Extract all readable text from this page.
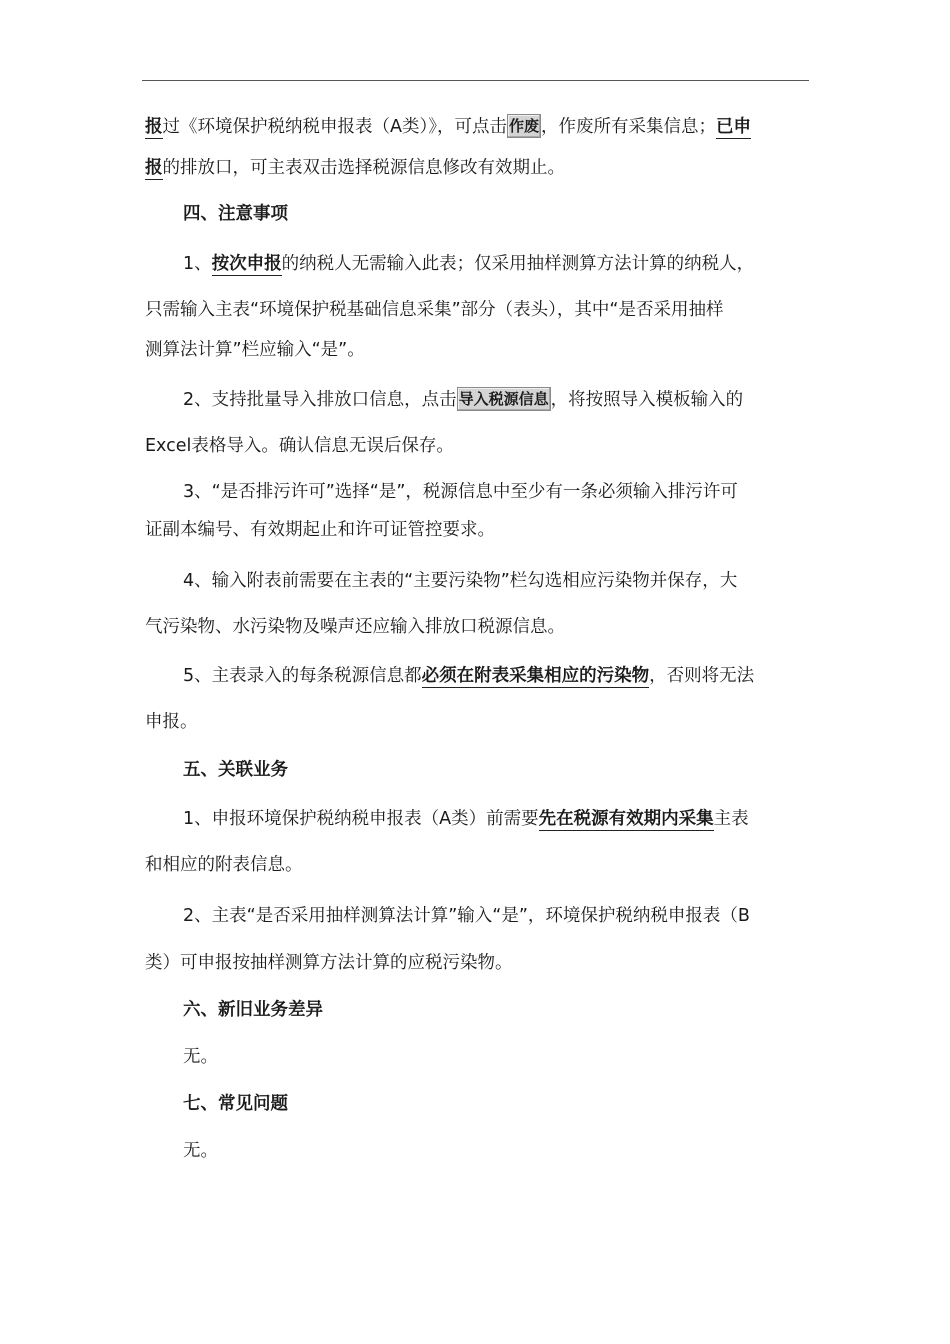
报过《环境保护税纳税申报表（A类）》，可点击 作废 ，作废所有采集信息；已申
报的排放口，可主表双击选择税源信息修改有效期止。
四、注意事项
1、按次申报的纳税人无需输入此表；仅采用抽样测算方法计算的纳税人，
只需输入主表“环境保护税基础信息采集”部分（表头），其中“是否采用抽样
测算法计算”栏应输入“是”。
2、支持批量导入排放口信息，点击 导入税源信息 ，将按照导入模板输入的
Excel表格导入。确认信息无误后保存。
3、“是否排污许可”选择“是”，税源信息中至少有一条必须输入排污许可
证副本编号、有效期起止和许可证管控要求。
4、输入附表前需要在主表的“主要污染物”栏勾选相应污染物并保存，大
气污染物、水污染物及噪声还应输入排放口税源信息。
5、主表录入的每条税源信息都必须在附表采集相应的污染物，否则将无法
申报。
五、关联业务
1、申报环境保护税纳税申报表（A类）前需要先在税源有效期内采集主表
和相应的附表信息。
2、主表“是否采用抽样测算法计算”输入“是”，环境保护税纳税申报表（B
类）可申报按抽样测算方法计算的应税污染物。
六、新旧业务差异
无。
七、常见问题
无。
